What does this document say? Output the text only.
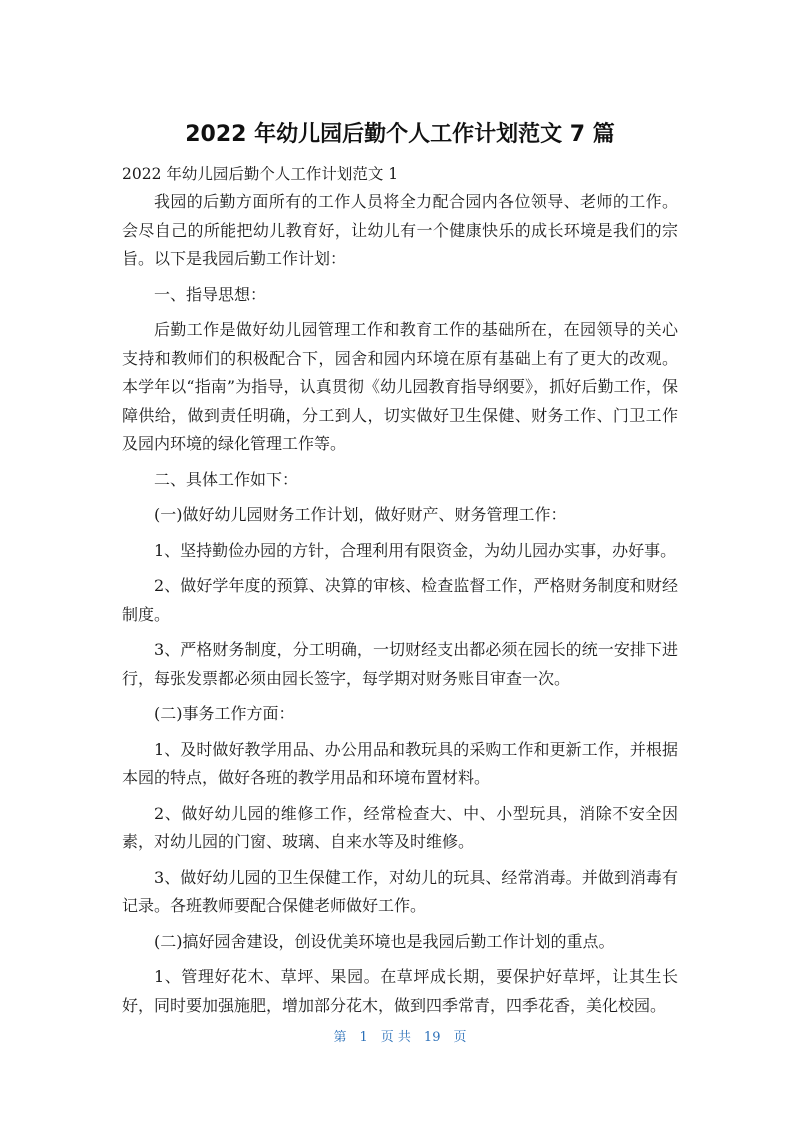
2022 年幼儿园后勤个人工作计划范文 7 篇

2022 年幼儿园后勤个人工作计划范文 1

我园的后勤方面所有的工作人员将全力配合园内各位领导、老师的工作。会尽自己的所能把幼儿教育好，让幼儿有一个健康快乐的成长环境是我们的宗旨。以下是我园后勤工作计划：

一、指导思想：

后勤工作是做好幼儿园管理工作和教育工作的基础所在，在园领导的关心支持和教师们的积极配合下，园舍和园内环境在原有基础上有了更大的改观。本学年以“指南”为指导，认真贯彻《幼儿园教育指导纲要》，抓好后勤工作，保障供给，做到责任明确，分工到人，切实做好卫生保健、财务工作、门卫工作及园内环境的绿化管理工作等。

二、具体工作如下：

(一)做好幼儿园财务工作计划，做好财产、财务管理工作：

1、坚持勤俭办园的方针，合理利用有限资金，为幼儿园办实事，办好事。

2、做好学年度的预算、决算的审核、检查监督工作，严格财务制度和财经制度。

3、严格财务制度，分工明确，一切财经支出都必须在园长的统一安排下进行，每张发票都必须由园长签字，每学期对财务账目审查一次。

(二)事务工作方面：

1、及时做好教学用品、办公用品和教玩具的采购工作和更新工作，并根据本园的特点，做好各班的教学用品和环境布置材料。

2、做好幼儿园的维修工作，经常检查大、中、小型玩具，消除不安全因素，对幼儿园的门窗、玻璃、自来水等及时维修。

3、做好幼儿园的卫生保健工作，对幼儿的玩具、经常消毒。并做到消毒有记录。各班教师要配合保健老师做好工作。

(二)搞好园舍建设，创设优美环境也是我园后勤工作计划的重点。

1、管理好花木、草坪、果园。在草坪成长期，要保护好草坪，让其生长好，同时要加强施肥，增加部分花木，做到四季常青，四季花香，美化校园。

第　1　页 共　19　页
